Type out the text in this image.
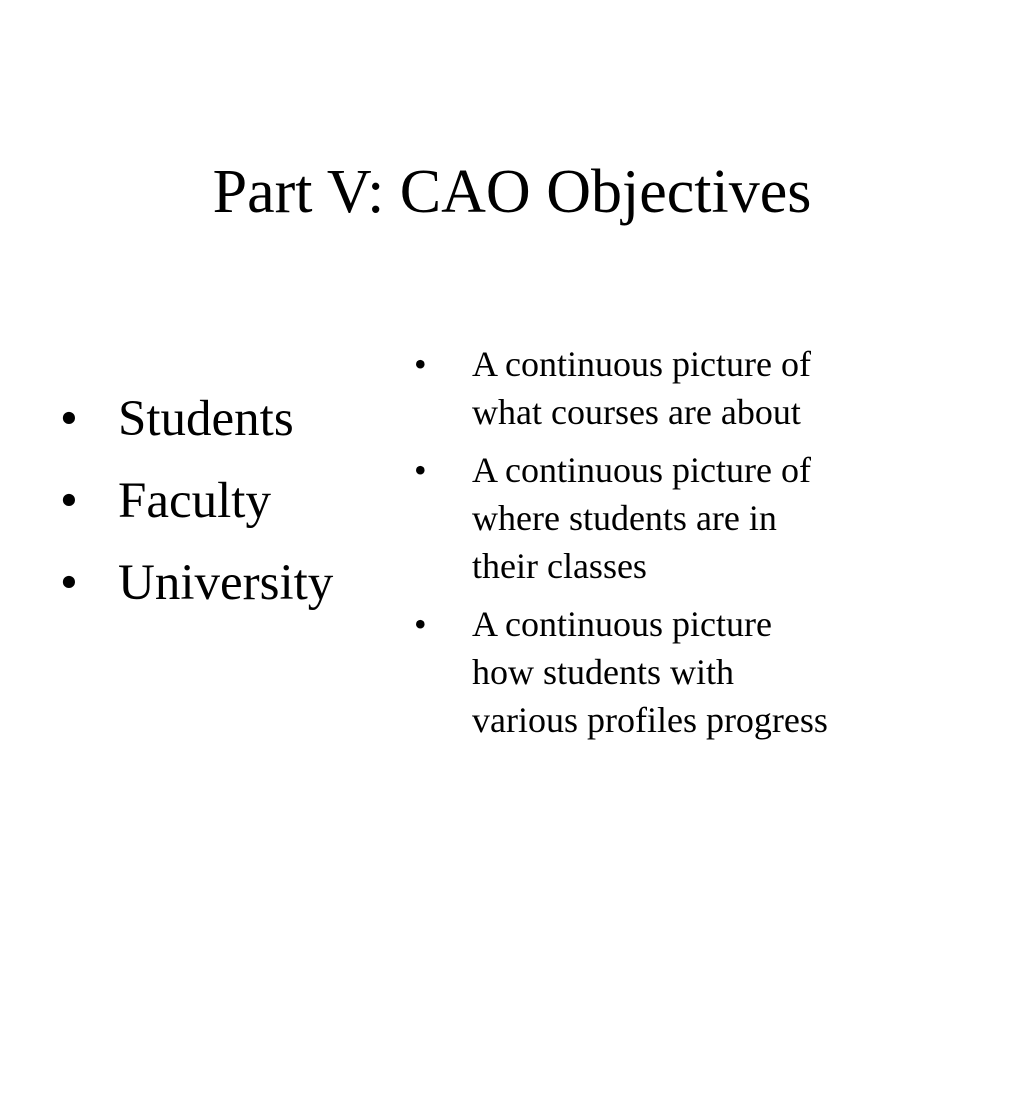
Part V: CAO Objectives
• Students
• Faculty
• University
• A continuous picture of what courses are about
• A continuous picture of where students are in their classes
• A continuous picture how students with various profiles progress
